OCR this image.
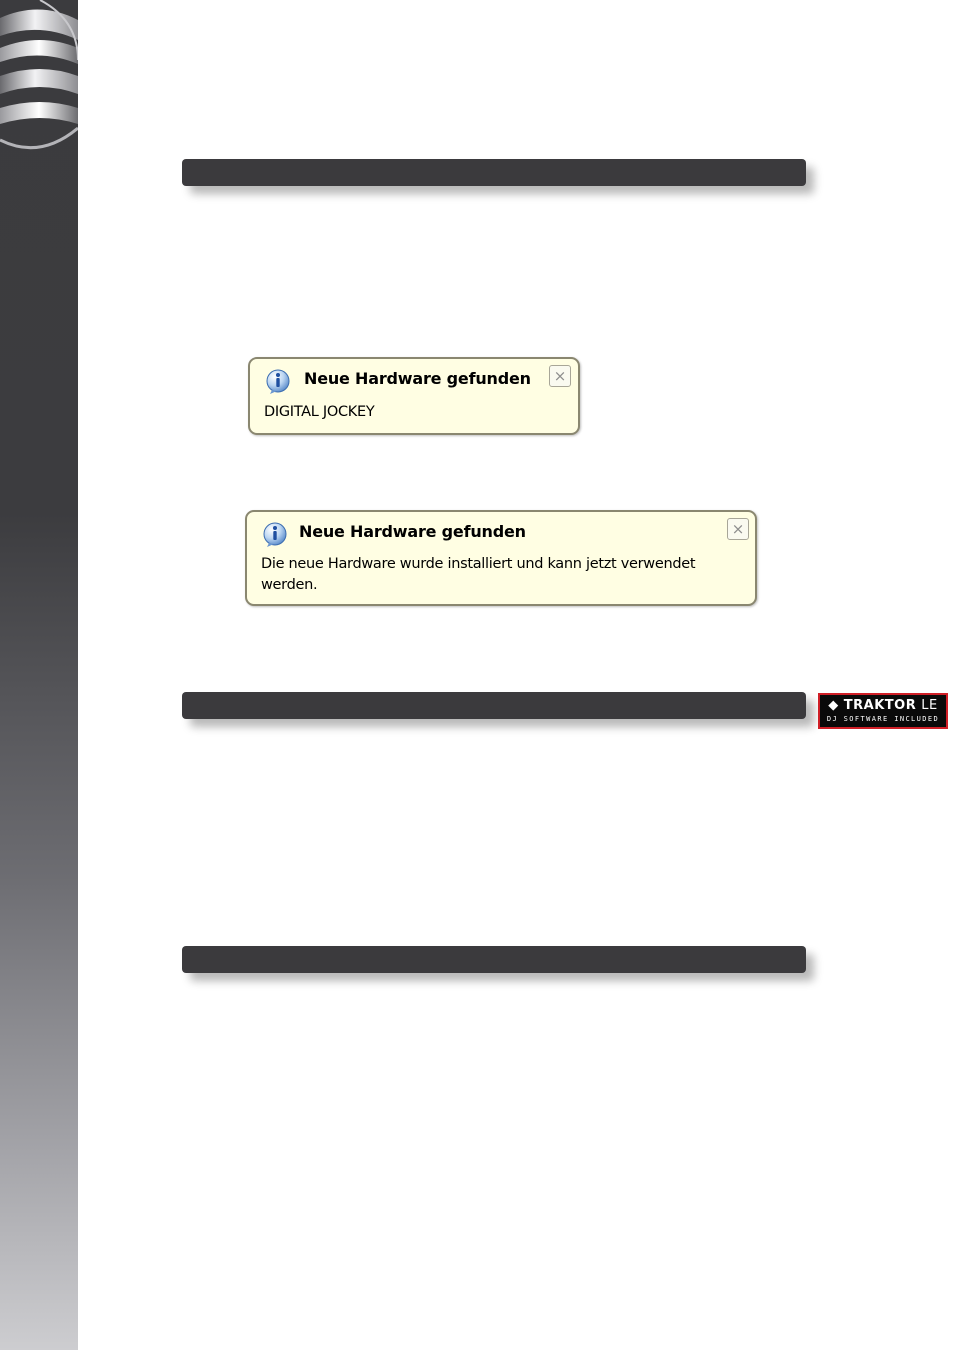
Neue Hardware gefunden	×
DIGITAL JOCKEY
Neue Hardware gefunden	×
Die neue Hardware wurde installiert und kann jetzt verwendet werden.
◆ TRAKTOR LE
DJ SOFTWARE INCLUDED
